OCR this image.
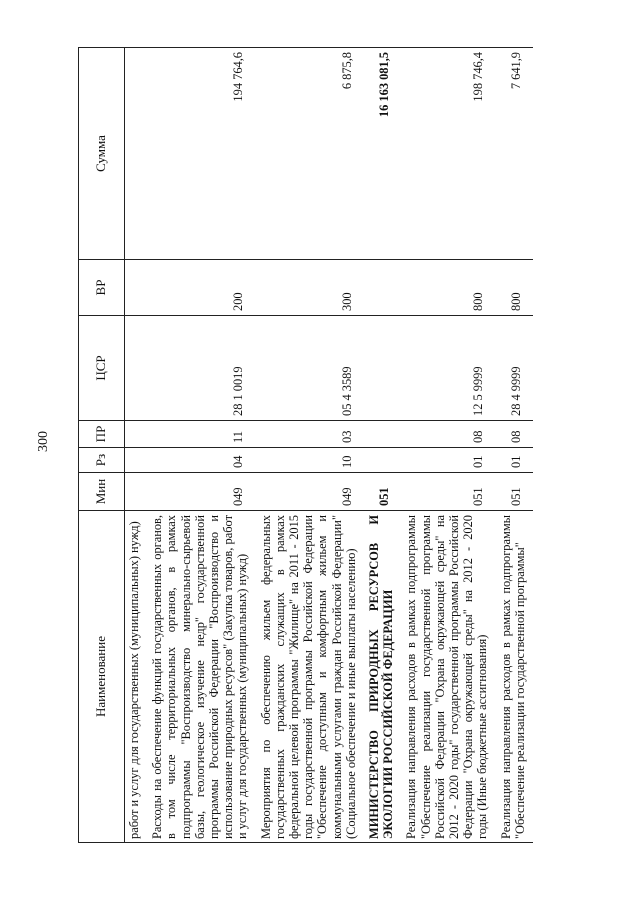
300
Наименование	Мин	Рз	ПР	ЦСР	ВР	Сумма
работ и услуг для государственных (муниципальных) нужд)						
Расходы на обеспечение функций государственных органов, в том числе территориальных органов, в рамках подпрограммы "Воспроизводство минерально-сырьевой базы, геологическое изучение недр" государственной программы Российской Федерации "Воспроизводство и использование природных ресурсов" (Закупка товаров, работ и услуг для государственных (муниципальных) нужд)	049	04	11	28 1 0019	200	194 764,6
Мероприятия по обеспечению жильем федеральных государственных гражданских служащих в рамках федеральной целевой программы "Жилище" на 2011 - 2015 годы государственной программы Российской Федерации "Обеспечение доступным и комфортным жильем и коммунальными услугами граждан Российской Федерации" (Социальное обеспечение и иные выплаты населению)	049	10	03	05 4 3589	300	6 875,8
МИНИСТЕРСТВО ПРИРОДНЫХ РЕСУРСОВ И ЭКОЛОГИИ РОССИЙСКОЙ ФЕДЕРАЦИИ	051					16 163 081,5
Реализация направления расходов в рамках подпрограммы "Обеспечение реализации государственной программы Российской Федерации "Охрана окружающей среды" на 2012 - 2020 годы" государственной программы Российской Федерации "Охрана окружающей среды" на 2012 - 2020 годы (Иные бюджетные ассигнования)	051	01	08	12 5 9999	800	198 746,4
Реализация направления расходов в рамках подпрограммы "Обеспечение реализации государственной программы"	051	01	08	28 4 9999	800	7 641,9
